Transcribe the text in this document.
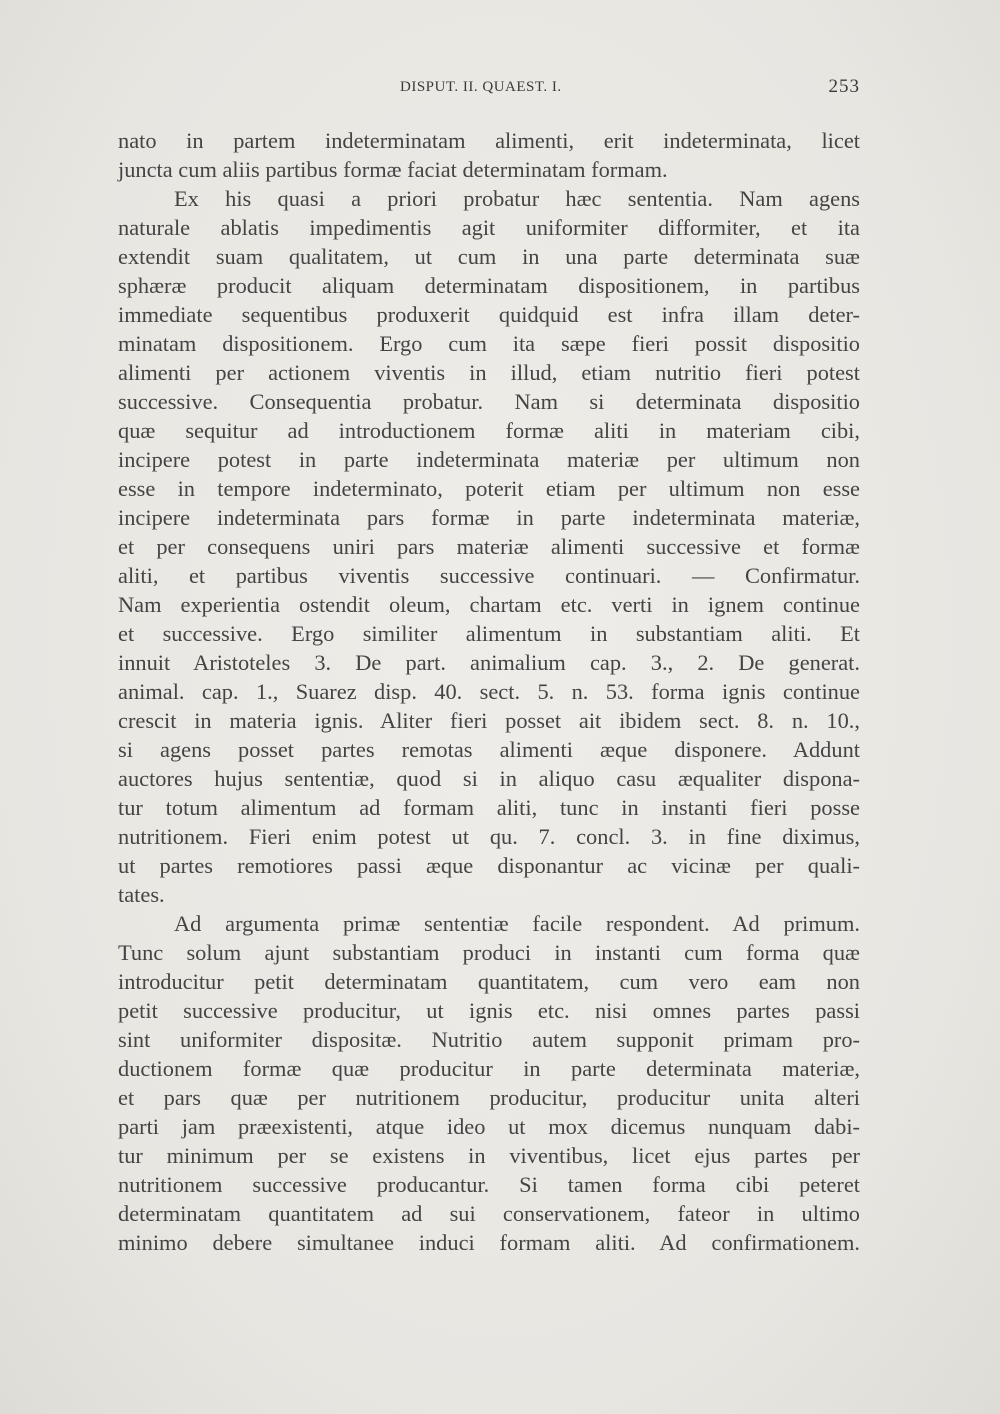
DISPUT. II. QUAEST. I.	253
nato in partem indeterminatam alimenti, erit indeterminata, licet
juncta cum aliis partibus formæ faciat determinatam formam.
Ex his quasi a priori probatur hæc sententia. Nam agens
naturale ablatis impedimentis agit uniformiter difformiter, et ita
extendit suam qualitatem, ut cum in una parte determinata suæ
sphæræ producit aliquam determinatam dispositionem, in partibus
immediate sequentibus produxerit quidquid est infra illam deter-
minatam dispositionem. Ergo cum ita sæpe fieri possit dispositio
alimenti per actionem viventis in illud, etiam nutritio fieri potest
successive. Consequentia probatur. Nam si determinata dispositio
quæ sequitur ad introductionem formæ aliti in materiam cibi,
incipere potest in parte indeterminata materiæ per ultimum non
esse in tempore indeterminato, poterit etiam per ultimum non esse
incipere indeterminata pars formæ in parte indeterminata materiæ,
et per consequens uniri pars materiæ alimenti successive et formæ
aliti, et partibus viventis successive continuari. — Confirmatur.
Nam experientia ostendit oleum, chartam etc. verti in ignem continue
et successive. Ergo similiter alimentum in substantiam aliti. Et
innuit Aristoteles 3. De part. animalium cap. 3., 2. De generat.
animal. cap. 1., Suarez disp. 40. sect. 5. n. 53. forma ignis continue
crescit in materia ignis. Aliter fieri posset ait ibidem sect. 8. n. 10.,
si agens posset partes remotas alimenti æque disponere. Addunt
auctores hujus sententiæ, quod si in aliquo casu æqualiter dispona-
tur totum alimentum ad formam aliti, tunc in instanti fieri posse
nutritionem. Fieri enim potest ut qu. 7. concl. 3. in fine diximus,
ut partes remotiores passi æque disponantur ac vicinæ per quali-
tates.
Ad argumenta primæ sententiæ facile respondent. Ad primum.
Tunc solum ajunt substantiam produci in instanti cum forma quæ
introducitur petit determinatam quantitatem, cum vero eam non
petit successive producitur, ut ignis etc. nisi omnes partes passi
sint uniformiter dispositæ. Nutritio autem supponit primam pro-
ductionem formæ quæ producitur in parte determinata materiæ,
et pars quæ per nutritionem producitur, producitur unita alteri
parti jam præexistenti, atque ideo ut mox dicemus nunquam dabi-
tur minimum per se existens in viventibus, licet ejus partes per
nutritionem successive producantur. Si tamen forma cibi peteret
determinatam quantitatem ad sui conservationem, fateor in ultimo
minimo debere simultanee induci formam aliti. Ad confirmationem.
